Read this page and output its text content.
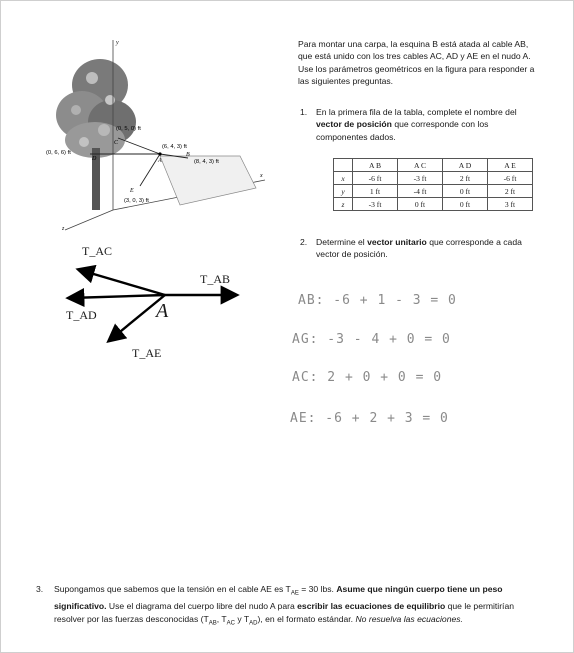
y
x
z
(0, 5, 0) ft
C
(0, 6, 6) ft
D
(6, 4, 3) ft
A
B
(8, 4, 3) ft
E
(3, 0, 3) ft
T_AC
T_AB
T_AD
T_AE
A
Para montar una carpa, la esquina B está atada al cable AB, que está unido con los tres cables AC, AD y AE en el nudo A. Use los parámetros geométricos en la figura para responder a las siguientes preguntas.
1. En la primera fila de la tabla, complete el nombre del vector de posición que corresponde con los componentes dados.
	A B	A C	A D	A E
x	-6 ft	-3 ft	2 ft	-6 ft
y	1 ft	-4 ft	0 ft	2 ft
z	-3 ft	0 ft	0 ft	3 ft
2. Determine el vector unitario que corresponde a cada vector de posición.
AB: -6 + 1 - 3 = 0
AG: -3 - 4 + 0 = 0
AC: 2 + 0 + 0 = 0
AE: -6 + 2 + 3 = 0
3. Supongamos que sabemos que la tensión en el cable AE es $T_{AE} = 30$ lbs. Asume que ningún cuerpo tiene un peso significativo. Use el diagrama del cuerpo libre del nudo A para escribir las ecuaciones de equilibrio que le permitirían resolver por las fuerzas desconocidas ($T_{AB}$, $T_{AC}$ y $T_{AD}$), en el formato estándar. No resuelva las ecuaciones.
